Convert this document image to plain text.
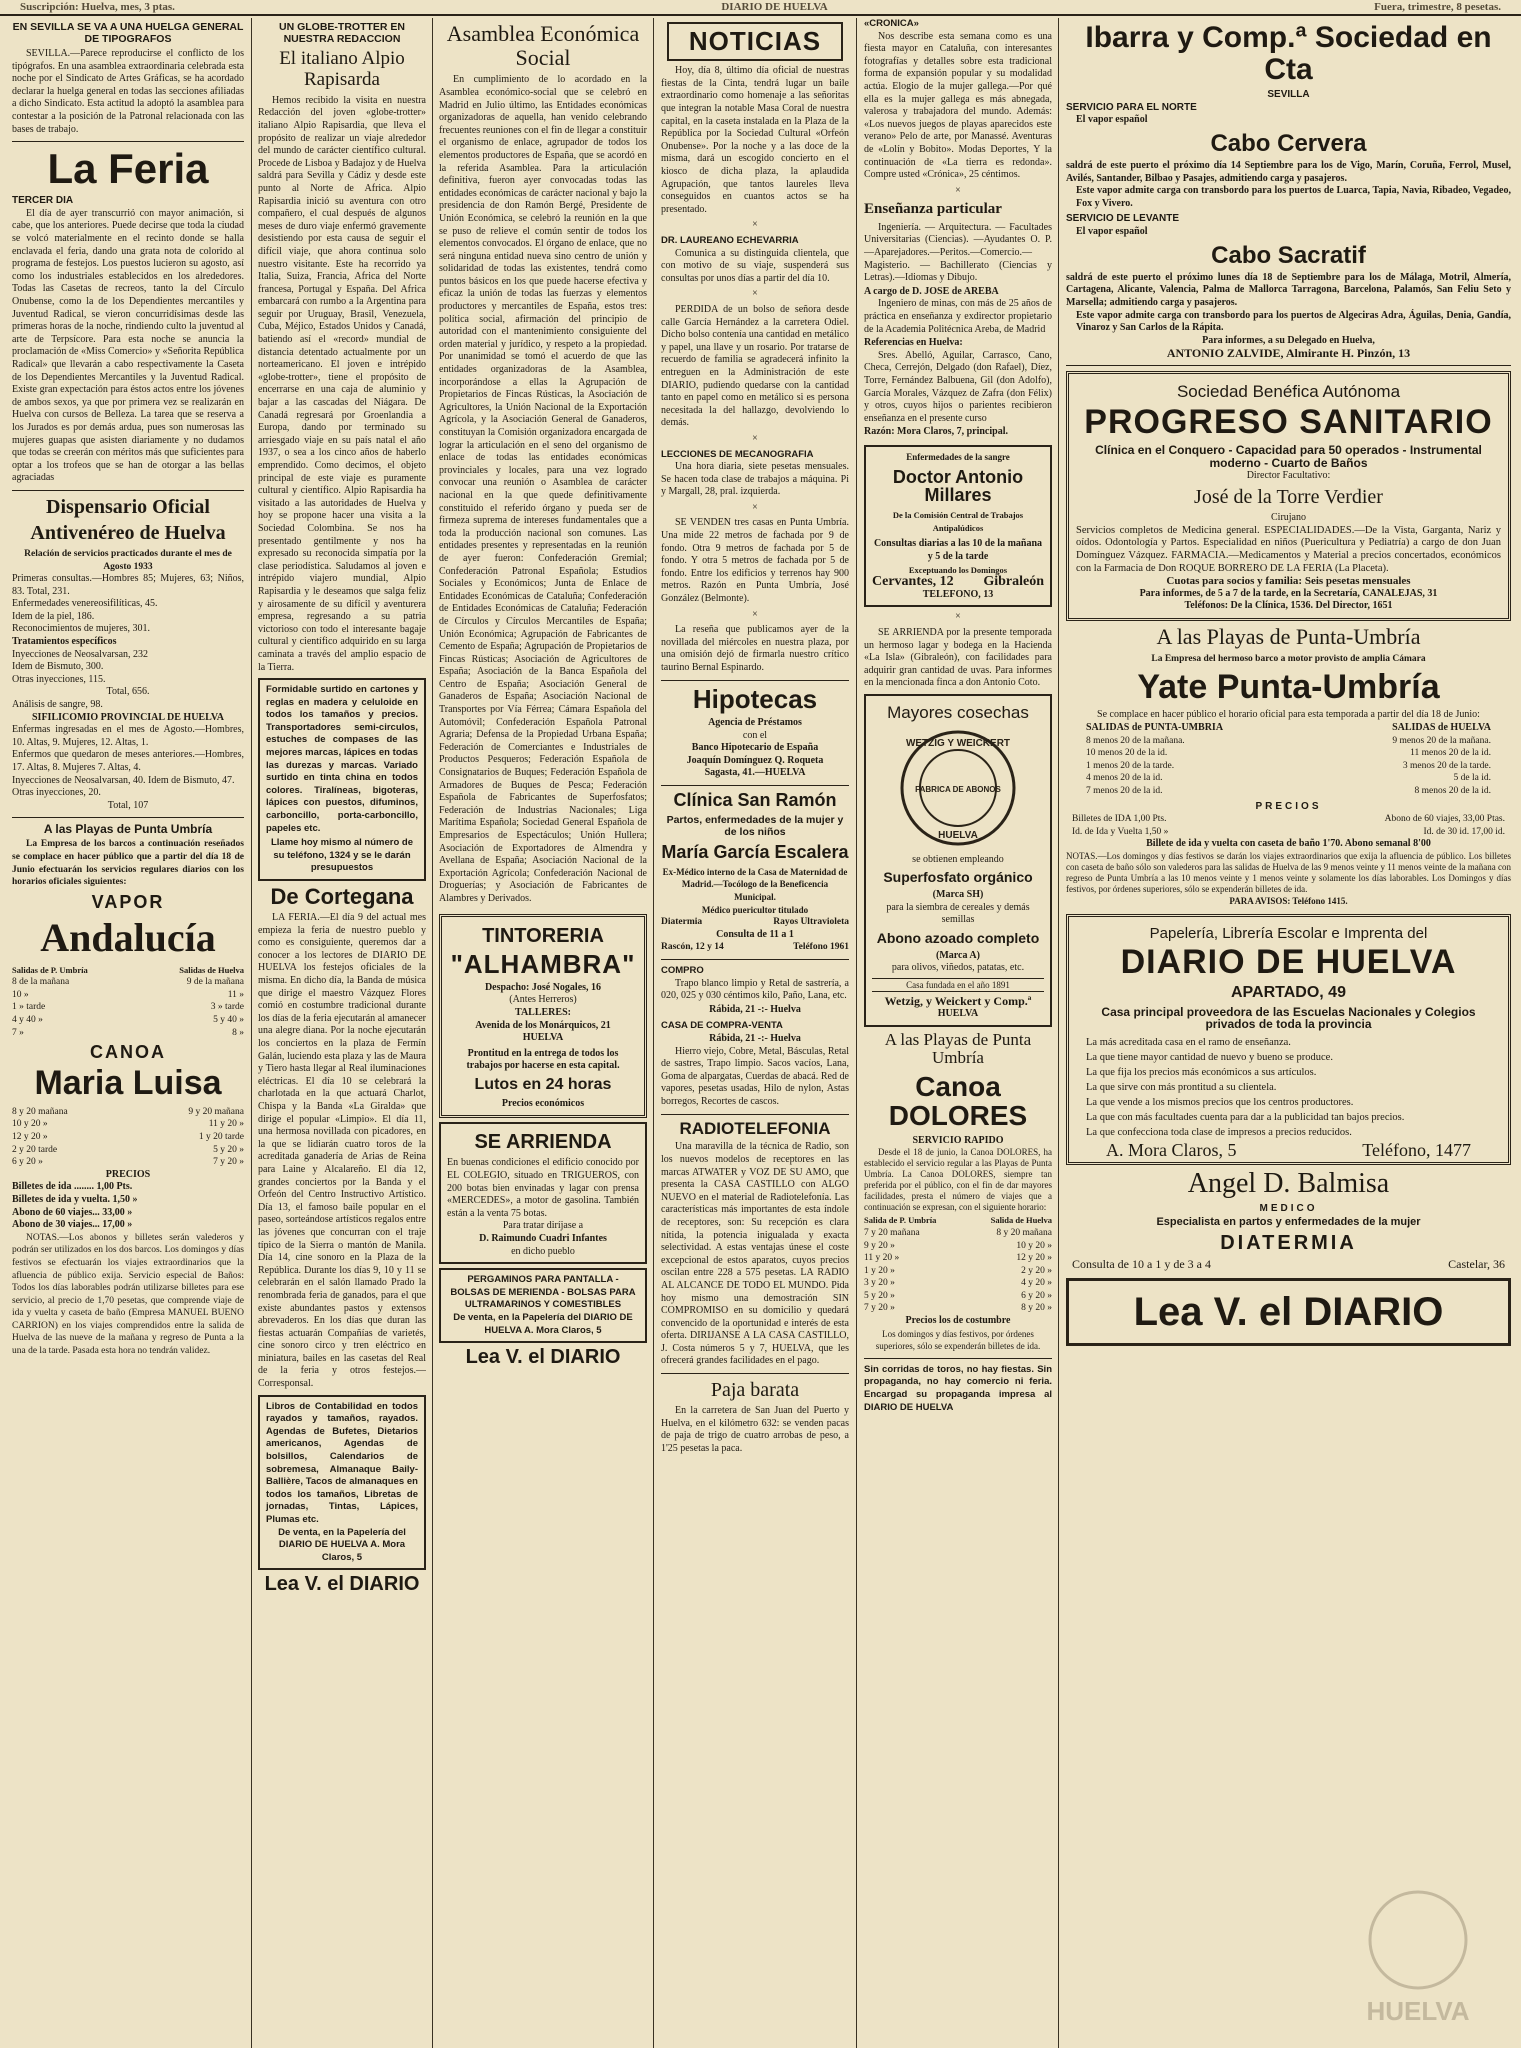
Suscripción: Huelva, mes, 3 ptas.	DIARIO DE HUELVA	Fuera, trimestre, 8 pesetas.
EN SEVILLA SE VA A UNA HUELGA GENERAL DE TIPOGRAFOS

SEVILLA.—Parece reproducirse el conflicto de los tipógrafos. En una asamblea extraordinaria celebrada esta noche por el Sindicato de Artes Gráficas, se ha acordado declarar la huelga general en todas las secciones afiliadas a dicho Sindicato. Esta actitud la adoptó la asamblea para contestar a la posición de la Patronal relacionada con las bases de trabajo.

La Feria
TERCER DIA

El día de ayer transcurrió con mayor animación, si cabe, que los anteriores. Puede decirse que toda la ciudad se volcó materialmente en el recinto donde se halla enclavada el feria, dando una grata nota de colorido al programa de festejos. Los puestos lucieron su agosto, así como los industriales establecidos en los alrededores. Todas las Casetas de recreos, tanto la del Círculo Onubense, como la de los Dependientes mercantiles y Juventud Radical, se vieron concurridísimas desde las primeras horas de la noche, rindiendo culto la juventud al arte de Terpsícore. Para esta noche se anuncia la proclamación de «Miss Comercio» y «Señorita República Radical» que llevarán a cabo respectivamente la Caseta de los Dependientes Mercantiles y la Juventud Radical. Existe gran expectación para éstos actos entre los jóvenes de ambos sexos, ya que por primera vez se realizarán en Huelva con cursos de Belleza. La tarea que se reserva a los Jurados es por demás ardua, pues son numerosas las mujeres guapas que asisten diariamente y no dudamos que todas se creerán con méritos más que suficientes para optar a los trofeos que se han de otorgar a las bellas agraciadas

Dispensario Oficial
Antivenéreo de Huelva
Relación de servicios practicados durante el mes de Agosto 1933
Primeras consultas.—Hombres 85; Mujeres, 63; Niños, 83. Total, 231.
Enfermedades venereosifilíticas, 45.
Idem de la piel, 186.
Reconocimientos de mujeres, 301.
Tratamientos específicos
Inyecciones de Neosalvarsan, 232
Idem de Bismuto, 300.
Otras inyecciones, 115.
Total, 656.
Análisis de sangre, 98.
SIFILICOMIO PROVINCIAL DE HUELVA
Enfermas ingresadas en el mes de Agosto.—Hombres, 10. Altas, 9. Mujeres, 12. Altas, 1.
Enfermos que quedaron de meses anteriores.—Hombres, 17. Altas, 8. Mujeres 7. Altas, 4.
Inyecciones de Neosalvarsan, 40. Idem de Bismuto, 47.
Otras inyecciones, 20.
Total, 107
A las Playas de Punta Umbría

La Empresa de los barcos a continuación reseñados se complace en hacer público que a partir del día 18 de Junio efectuarán los servicios regulares diarios con los horarios oficiales siguientes:

VAPOR
Andalucía
Salidas de P. Umbría	Salidas de Huelva
8 de la mañana	9 de la mañana
10 »	11 »
1 » tarde	3 » tarde
4 y 40 »	5 y 40 »
7 »	8 »
CANOA
Maria Luisa
8 y 20 mañana	9 y 20 mañana
10 y 20 »	11 y 20 »
12 y 20 »	1 y 20 tarde
2 y 20 tarde	5 y 20 »
6 y 20 »	7 y 20 »
PRECIOS
Billetes de ida ........ 1,00 Pts.
Billetes de ida y vuelta. 1,50 »
Abono de 60 viajes... 33,00 »
Abono de 30 viajes... 17,00 »

NOTAS.—Los abonos y billetes serán valederos y podrán ser utilizados en los dos barcos. Los domingos y días festivos se efectuarán los viajes extraordinarios que la afluencia de público exija. Servicio especial de Baños: Todos los días laborables podrán utilizarse billetes para ese servicio, al precio de 1,70 pesetas, que comprende viaje de ida y vuelta y caseta de baño (Empresa MANUEL BUENO CARRION) en los viajes comprendidos entre la salida de Huelva de las nueve de la mañana y regreso de Punta a la una de la tarde. Pasada esta hora no tendrán validez.

UN GLOBE-TROTTER EN NUESTRA REDACCION
El italiano Alpio Rapisarda

Hemos recibido la visita en nuestra Redacción del joven «globe-trotter» italiano Alpio Rapisardia, que lleva el propósito de realizar un viaje alrededor del mundo de carácter científico cultural. Procede de Lisboa y Badajoz y de Huelva saldrá para Sevilla y Cádiz y desde este punto al Norte de Africa. Alpio Rapisardia inició su aventura con otro compañero, el cual después de algunos meses de duro viaje enfermó gravemente desistiendo por esta causa de seguir el difícil viaje, que ahora continua solo nuestro visitante. Este ha recorrido ya Italia, Suiza, Francia, Africa del Norte francesa, Portugal y España. Del Africa embarcará con rumbo a la Argentina para seguir por Uruguay, Brasil, Venezuela, Cuba, Méjico, Estados Unidos y Canadá, batiendo así el «record» mundial de distancia detentado actualmente por un norteamericano. El joven e intrépido «globe-trotter», tiene el propósito de encerrarse en una caja de aluminio y bajar a las cascadas del Niágara. De Canadá regresará por Groenlandia a Europa, dando por terminado su arriesgado viaje en su país natal el año 1937, o sea a los cinco años de haberlo emprendido. Como decimos, el objeto principal de este viaje es puramente cultural y científico. Alpio Rapisardia ha visitado a las autoridades de Huelva y hoy se propone hacer una visita a la Sociedad Colombina. Se nos ha presentado gentilmente y nos ha expresado su reconocida simpatía por la clase periodística. Saludamos al joven e intrépido viajero mundial, Alpio Rapisardia y le deseamos que salga feliz y airosamente de su difícil y aventurera empresa, regresando a su patria victorioso con todo el interesante bagaje cultural y científico adquirido en su larga caminata a través del amplio espacio de la Tierra.

Formidable surtido en cartones y reglas en madera y celuloide en todos los tamaños y precios. Transportadores semi-circulos, estuches de compases de las mejores marcas, lápices en todas las durezas y marcas. Variado surtido en tinta china en todos colores. Tiralíneas, bigoteras, lápices con puestos, difuminos, carboncillo, porta-carboncillo, papeles etc.
Llame hoy mismo al número de su teléfono, 1324 y se le darán presupuestos
De Cortegana

LA FERIA.—El día 9 del actual mes empieza la feria de nuestro pueblo y como es consiguiente, queremos dar a conocer a los lectores de DIARIO DE HUELVA los festejos oficiales de la misma. En dicho día, la Banda de música que dirige el maestro Vázquez Flores comió en costumbre tradicional durante los días de la feria ejecutarán al amanecer una alegre diana. Por la noche ejecutarán los conciertos en la plaza de Fermín Galán, luciendo esta plaza y las de Maura y Tiero hasta llegar al Real iluminaciones eléctricas. El día 10 se celebrará la charlotada en la que actuará Charlot, Chispa y la Banda «La Giralda» que dirige el popular «Limpio». El día 11, una hermosa novillada con picadores, en la que se lidiarán cuatro toros de la acreditada ganadería de Arias de Reina para Laine y Alcalareño. El día 12, grandes conciertos por la Banda y el Orfeón del Centro Instructivo Artístico. Día 13, el famoso baile popular en el paseo, sorteándose artísticos regalos entre las jóvenes que concurran con el traje típico de la Sierra o mantón de Manila. Día 14, cine sonoro en la Plaza de la República. Durante los días 9, 10 y 11 se celebrarán en el salón llamado Prado la renombrada feria de ganados, para el que existe abundantes pastos y extensos abrevaderos. En los días que duran las fiestas actuarán Compañías de varietés, cine sonoro circo y tren eléctrico en miniatura, bailes en las casetas del Real de la feria y otros festejos.—Corresponsal.

Libros de Contabilidad en todos rayados y tamaños, rayados. Agendas de Bufetes, Dietarios americanos, Agendas de bolsillos, Calendarios de sobremesa, Almanaque Baily-Ballière, Tacos de almanaques en todos los tamaños, Libretas de jornadas, Tintas, Lápices, Plumas etc.
De venta, en la Papelería del DIARIO DE HUELVA A. Mora Claros, 5
Lea V. el DIARIO
Asamblea Económica Social

En cumplimiento de lo acordado en la Asamblea económico-social que se celebró en Madrid en Julio último, las Entidades económicas organizadoras de aquella, han venido celebrando frecuentes reuniones con el fin de llegar a constituir el organismo de enlace, agrupador de todos los elementos productores de España, que se acordó en la referida Asamblea. Para la articulación definitiva, fueron ayer convocadas todas las entidades económicas de carácter nacional y bajo la presidencia de don Ramón Bergé, Presidente de Unión Económica, se celebró la reunión en la que se puso de relieve el común sentir de todos los elementos convocados. El órgano de enlace, que no será ninguna entidad nueva sino centro de unión y solidaridad de todas las existentes, tendrá como puntos básicos en los que puede hacerse efectiva y eficaz la unión de todas las fuerzas y elementos productores y mercantiles de España, estos tres: política social, afirmación del principio de autoridad con el mantenimiento consiguiente del orden material y jurídico, y respeto a la propiedad. Por unanimidad se tomó el acuerdo de que las entidades organizadoras de la Asamblea, incorporándose a ellas la Agrupación de Propietarios de Fincas Rústicas, la Asociación de Agricultores, la Unión Nacional de la Exportación Agrícola, y la Asociación General de Ganaderos, constituyan la Comisión organizadora encargada de lograr la articulación en el seno del organismo de enlace de todas las entidades económicas provinciales y locales, para una vez logrado convocar una reunión o Asamblea de carácter nacional en la que quede definitivamente constituido el referido órgano y pueda ser de firmeza suprema de intereses fundamentales que a toda la producción nacional son comunes. Las entidades presentes y representadas en la reunión de ayer fueron: Confederación Gremial; Confederación Patronal Española; Estudios Sociales y Económicos; Junta de Enlace de Entidades Económicas de Cataluña; Confederación de Entidades Económicas de Cataluña; Federación de Círculos y Círculos Mercantiles de España; Unión Económica; Agrupación de Fabricantes de Cemento de España; Agrupación de Propietarios de Fincas Rústicas; Asociación de Agricultores de España; Asociación de la Banca Española del Centro de España; Asociación General de Ganaderos de España; Asociación Nacional de Transportes por Vía Férrea; Cámara Española del Automóvil; Confederación Española Patronal Agraria; Defensa de la Propiedad Urbana España; Federación de Comerciantes e Industriales de Productos Pesqueros; Federación Española de Consignatarios de Buques; Federación Española de Armadores de Buques de Pesca; Federación Española de Fabricantes de Superfosfatos; Federación de Industrias Nacionales; Liga Marítima Española; Sociedad General Española de Empresarios de Espectáculos; Unión Hullera; Asociación de Exportadores de Almendra y Avellana de España; Asociación Nacional de la Exportación Agrícola; Confederación Nacional de Droguerías; y Asociación de Fabricantes de Alambres y Derivados.

TINTORERIA
"ALHAMBRA"
Despacho: José Nogales, 16
(Antes Herreros)
TALLERES:
Avenida de los Monárquicos, 21
HUELVA
Prontitud en la entrega de todos los trabajos por hacerse en esta capital.
Lutos en 24 horas
Precios económicos
SE ARRIENDA
En buenas condiciones el edificio conocido por EL COLEGIO, situado en TRIGUEROS, con 200 botas bien envinadas y lagar con prensa «MERCEDES», a motor de gasolina. También están a la venta 75 botas.
Para tratar diríjase a
D. Raimundo Cuadri Infantes
en dicho pueblo
PERGAMINOS PARA PANTALLA - BOLSAS DE MERIENDA - BOLSAS PARA ULTRAMARINOS Y COMESTIBLES
De venta, en la Papelería del DIARIO DE HUELVA A. Mora Claros, 5
Lea V. el DIARIO
NOTICIAS

Hoy, día 8, último día oficial de nuestras fiestas de la Cinta, tendrá lugar un baile extraordinario como homenaje a las señoritas que integran la notable Masa Coral de nuestra capital, en la caseta instalada en la Plaza de la República por la Sociedad Cultural «Orfeón Onubense». Por la noche y a las doce de la misma, dará un escogido concierto en el kiosco de dicha plaza, la aplaudida Agrupación, que tantos laureles lleva conseguidos en cuantos actos se ha presentado.

×
DR. LAUREANO ECHEVARRIA

Comunica a su distinguida clientela, que con motivo de su viaje, suspenderá sus consultas por unos días a partir del día 10.

×

PERDIDA de un bolso de señora desde calle García Hernández a la carretera Odiel. Dicho bolso contenía una cantidad en metálico y papel, una llave y un rosario. Por tratarse de recuerdo de familia se agradecerá infinito la entreguen en la Administración de este DIARIO, pudiendo quedarse con la cantidad tanto en papel como en metálico si es persona necesitada la del hallazgo, devolviendo lo demás.

×
LECCIONES DE MECANOGRAFIA

Una hora diaria, siete pesetas mensuales. Se hacen toda clase de trabajos a máquina. Pi y Margall, 28, pral. izquierda.

×

SE VENDEN tres casas en Punta Umbría. Una mide 22 metros de fachada por 9 de fondo. Otra 9 metros de fachada por 5 de fondo. Y otra 5 metros de fachada por 5 de fondo. Entre los edificios y terrenos hay 900 metros. Razón en Punta Umbría, José González (Belmonte).

×

La reseña que publicamos ayer de la novillada del miércoles en nuestra plaza, por una omisión dejó de firmarla nuestro crítico taurino Bernal Espinardo.

Hipotecas
Agencia de Préstamos
con el
Banco Hipotecario de España
Joaquín Domínguez Q. Roqueta
Sagasta, 41.—HUELVA
Clínica San Ramón
Partos, enfermedades de la mujer y de los niños
María García Escalera
Ex-Médico interno de la Casa de Maternidad de Madrid.—Tocólogo de la Beneficencia Municipal.
Médico puericultor titulado
Diatermia	Rayos Ultravioleta
Consulta de 11 a 1
Rascón, 12 y 14	Teléfono 1961
COMPRO

Trapo blanco limpio y Retal de sastrería, a 020, 025 y 030 céntimos kilo, Paño, Lana, etc.

Rábida, 21 -:- Huelva
CASA DE COMPRA-VENTA
Rábida, 21 -:- Huelva

Hierro viejo, Cobre, Metal, Básculas, Retal de sastres, Trapo limpio. Sacos vacíos, Lana, Goma de alpargatas, Cuerdas de abacá. Red de vapores, pesetas usadas, Hilo de nylon, Astas borregos, Recortes de cascos.

RADIOTELEFONIA

Una maravilla de la técnica de Radio, son los nuevos modelos de receptores en las marcas ATWATER y VOZ DE SU AMO, que presenta la CASA CASTILLO con ALGO NUEVO en el material de Radiotelefonía. Las características más importantes de esta índole de receptores, son: Su recepción es clara nítida, la potencia inigualada y exacta selectividad. A estas ventajas únese el coste excepcional de estos aparatos, cuyos precios oscilan entre 228 a 575 pesetas. LA RADIO AL ALCANCE DE TODO EL MUNDO. Pida hoy mismo una demostración SIN COMPROMISO en su domicilio y quedará convencido de la oportunidad e interés de esta oferta. DIRIJANSE A LA CASA CASTILLO, J. Costa números 5 y 7, HUELVA, que les ofrecerá grandes facilidades en el pago.

Paja barata

En la carretera de San Juan del Puerto y Huelva, en el kilómetro 632: se venden pacas de paja de trigo de cuatro arrobas de peso, a 1'25 pesetas la paca.

«CRONICA»

Nos describe esta semana como es una fiesta mayor en Cataluña, con interesantes fotografías y detalles sobre esta tradicional forma de expansión popular y su modalidad actúa. Elogio de la mujer gallega.—Por qué ella es la mujer gallega es más abnegada, valerosa y trabajadora del mundo. Además: «Los nuevos juegos de playas aparecidos este verano» Pelo de arte, por Manassé. Aventuras de «Lolín y Bobito». Modas Deportes, Y la continuación de «La tierra es redonda». Compre usted «Crónica», 25 céntimos.

×
Enseñanza particular

Ingeniería. — Arquitectura. — Facultades Universitarias (Ciencias). —Ayudantes O. P.—Aparejadores.—Peritos.—Comercio.—Magisterio. — Bachillerato (Ciencias y Letras).—Idiomas y Dibujo.

A cargo de D. JOSE de AREBA

Ingeniero de minas, con más de 25 años de práctica en enseñanza y exdirector propietario de la Academia Politécnica Areba, de Madrid

Referencias en Huelva:

Sres. Abelló, Aguilar, Carrasco, Cano, Checa, Cerrejón, Delgado (don Rafael), Díez, Torre, Fernández Balbuena, Gil (don Adolfo), García Morales, Vázquez de Zafra (don Félix) y otros, cuyos hijos o parientes recibieron enseñanza en el presente curso

Razón: Mora Claros, 7, principal.
Enfermedades de la sangre
Doctor Antonio Millares
De la Comisión Central de Trabajos Antipalúdicos
Consultas diarias a las 10 de la mañana y 5 de la tarde
Exceptuando los Domingos
Cervantes, 12 Gibraleón
TELEFONO, 13
×

SE ARRIENDA por la presente temporada un hermoso lagar y bodega en la Hacienda «La Isla» (Gibraleón), con facilidades para adquirir gran cantidad de uvas. Para informes en la mencionada finca a don Antonio Coto.

Mayores cosechas
WETZIG Y WEICKERT
FABRICA DE ABONOS
HUELVA
se obtienen empleando
Superfosfato orgánico
(Marca SH)
para la siembra de cereales y demás semillas
Abono azoado completo
(Marca A)
para olivos, viñedos, patatas, etc.
Casa fundada en el año 1891
Wetzig, y Weickert y Comp.ª
HUELVA
A las Playas de Punta Umbría
Canoa DOLORES
SERVICIO RAPIDO

Desde el 18 de junio, la Canoa DOLORES, ha establecido el servicio regular a las Playas de Punta Umbría. La Canoa DOLORES, siempre tan preferida por el público, con el fin de dar mayores facilidades, presta el número de viajes que a continuación se expresan, con el siguiente horario:

Salida de P. Umbría	Salida de Huelva
7 y 20 mañana	8 y 20 mañana
9 y 20 »	10 y 20 »
11 y 20 »	12 y 20 »
1 y 20 »	2 y 20 »
3 y 20 »	4 y 20 »
5 y 20 »	6 y 20 »
7 y 20 »	8 y 20 »
Precios los de costumbre
Los domingos y días festivos, por órdenes superiores, sólo se expenderán billetes de ida.
Sin corridas de toros, no hay fiestas. Sin propaganda, no hay comercio ni feria. Encargad su propaganda impresa al DIARIO DE HUELVA
Ibarra y Comp.ª Sociedad en Cta
SEVILLA
SERVICIO PARA EL NORTE
El vapor español
Cabo Cervera
saldrá de este puerto el próximo día 14 Septiembre para los de Vigo, Marín, Coruña, Ferrol, Musel, Avilés, Santander, Bilbao y Pasajes, admitiendo carga y pasajeros.
Este vapor admite carga con transbordo para los puertos de Luarca, Tapia, Navia, Ribadeo, Vegadeo, Fox y Vivero.
SERVICIO DE LEVANTE
El vapor español
Cabo Sacratif
saldrá de este puerto el próximo lunes día 18 de Septiembre para los de Málaga, Motril, Almería, Cartagena, Alicante, Valencia, Palma de Mallorca Tarragona, Barcelona, Palamós, San Feliu Seto y Marsella; admitiendo carga y pasajeros.
Este vapor admite carga con transbordo para los puertos de Algeciras Adra, Águilas, Denia, Gandía, Vinaroz y San Carlos de la Rápita.
Para informes, a su Delegado en Huelva,
ANTONIO ZALVIDE, Almirante H. Pinzón, 13
Sociedad Benéfica Autónoma
PROGRESO SANITARIO
Clínica en el Conquero - Capacidad para 50 operados - Instrumental moderno - Cuarto de Baños
Director Facultativo:
José de la Torre Verdier
Cirujano
Servicios completos de Medicina general. ESPECIALIDADES.—De la Vista, Garganta, Nariz y oídos. Odontología y Partos. Especialidad en niños (Puericultura y Pediatría) a cargo de don Juan Domínguez Vázquez. FARMACIA.—Medicamentos y Material a precios concertados, económicos con la Farmacia de Don ROQUE BORRERO DE LA FERIA (La Placeta).
Cuotas para socios y familia: Seis pesetas mensuales
Para informes, de 5 a 7 de la tarde, en la Secretaría, CANALEJAS, 31
Teléfonos: De la Clínica, 1536. Del Director, 1651
A las Playas de Punta-Umbría
La Empresa del hermoso barco a motor provisto de amplia Cámara
Yate Punta-Umbría
Se complace en hacer público el horario oficial para esta temporada a partir del día 18 de Junio:
SALIDAS de PUNTA-UMBRIA	SALIDAS de HUELVA
8 menos 20 de la mañana.	9 menos 20 de la mañana.
10 menos 20 de la id.	11 menos 20 de la id.
1 menos 20 de la tarde.	3 menos 20 de la tarde.
4 menos 20 de la id.	5 de la id.
7 menos 20 de la id.	8 menos 20 de la id.
PRECIOS
Billetes de IDA 1,00 Pts.	Abono de 60 viajes, 33,00 Ptas.
Id. de Ida y Vuelta 1,50 »	Id. de 30 id. 17,00 id.
Billete de ida y vuelta con caseta de baño 1'70. Abono semanal 8'00
NOTAS.—Los domingos y días festivos se darán los viajes extraordinarios que exija la afluencia de público. Los billetes con caseta de baño sólo son valederos para las salidas de Huelva de las 9 menos veinte y 11 menos veinte de la mañana con regreso de Punta Umbría a las 10 menos veinte y 1 menos veinte y solamente los días laborables. Los Domingos y días festivos, por órdenes superiores, sólo se expenderán billetes de ida.
PARA AVISOS: Teléfono 1415.
Papelería, Librería Escolar e Imprenta del
DIARIO DE HUELVA
APARTADO, 49
Casa principal proveedora de las Escuelas Nacionales y Colegios privados de toda la provincia
La más acreditada casa en el ramo de enseñanza.
La que tiene mayor cantidad de nuevo y bueno se produce.
La que fija los precios más económicos a sus artículos.
La que sirve con más prontitud a su clientela.
La que vende a los mismos precios que los centros productores.
La que con más facultades cuenta para dar a la publicidad tan bajos precios.
La que confecciona toda clase de impresos a precios reducidos.
A. Mora Claros, 5	Teléfono, 1477
Angel D. Balmisa
MEDICO
Especialista en partos y enfermedades de la mujer
DIATERMIA
Consulta de 10 a 1 y de 3 a 4	Castelar, 36
Lea V. el DIARIO
HUELVA
